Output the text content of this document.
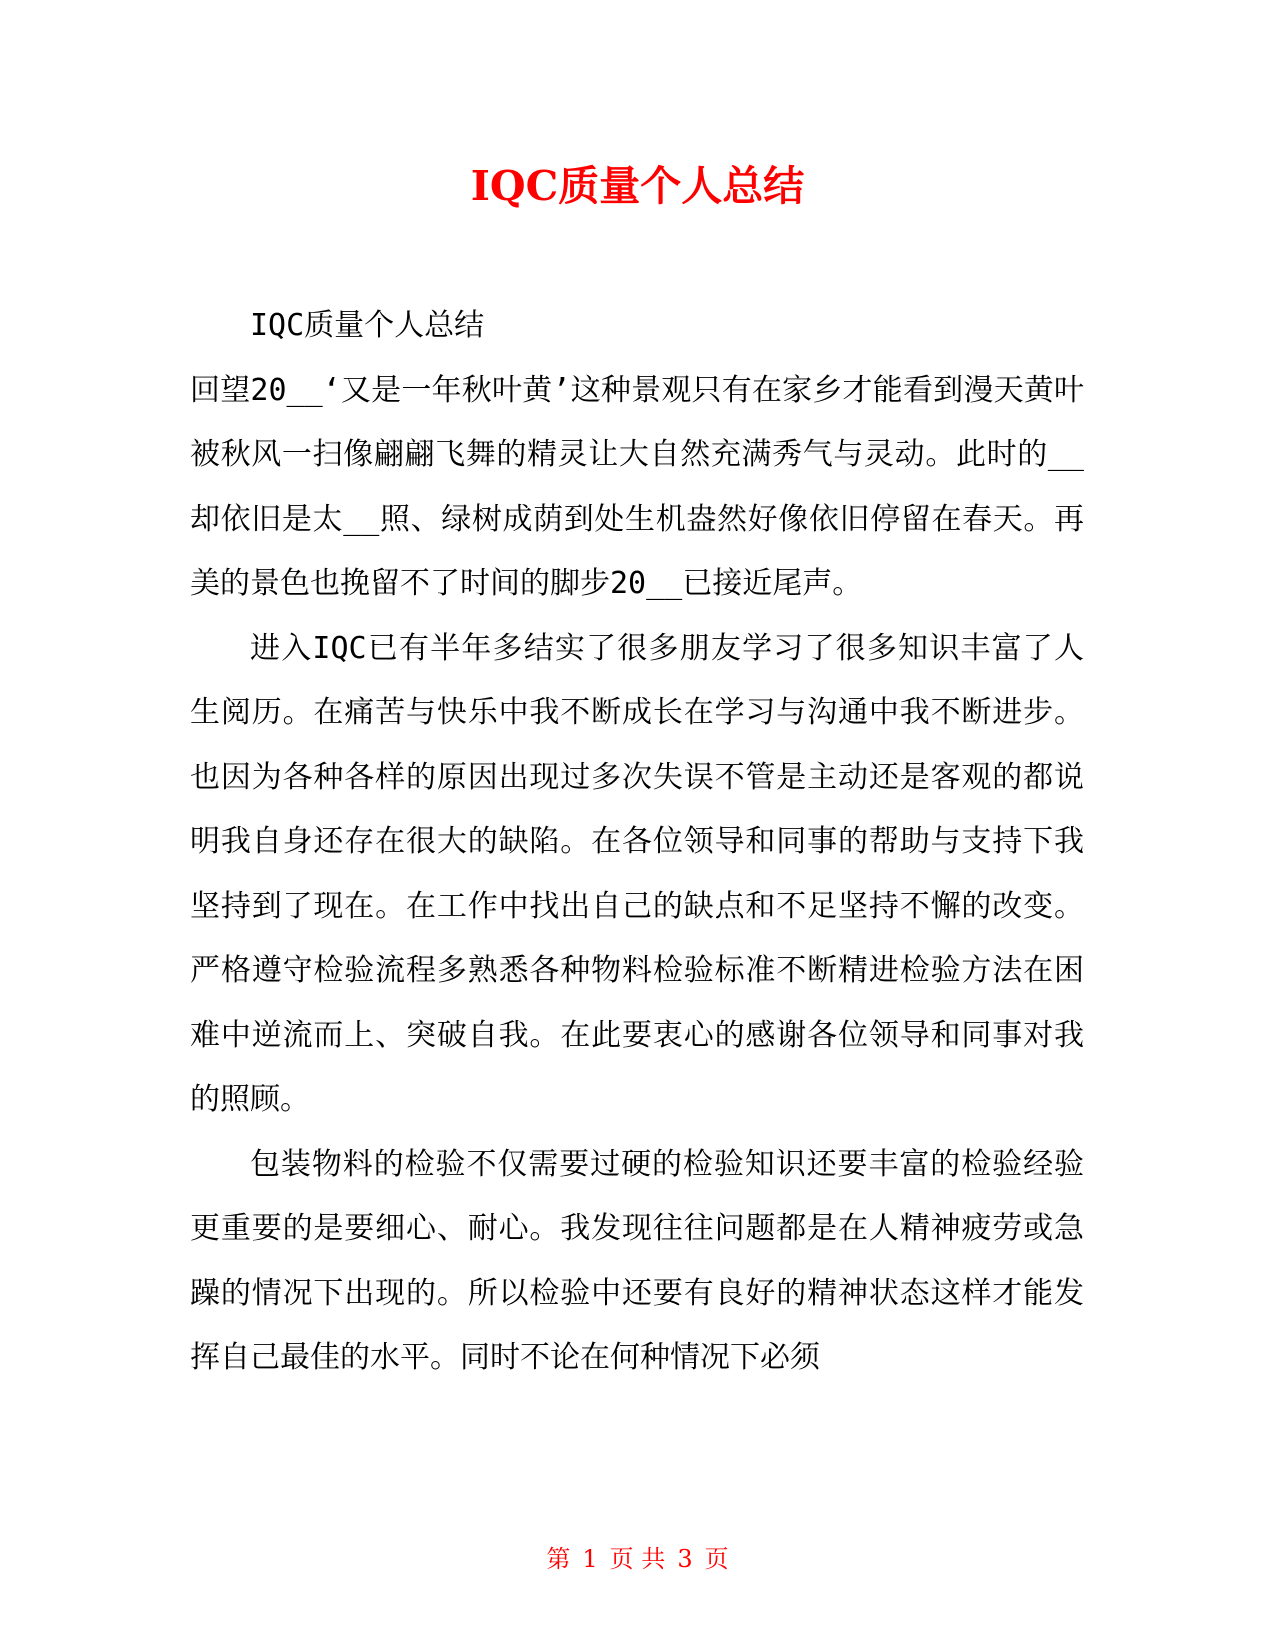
IQC质量个人总结

IQC质量个人总结

回望20__‘又是一年秋叶黄’这种景观只有在家乡才能看到漫天黄叶被秋风一扫像翩翩飞舞的精灵让大自然充满秀气与灵动。此时的__却依旧是太__照、绿树成荫到处生机盎然好像依旧停留在春天。再美的景色也挽留不了时间的脚步20__已接近尾声。

进入IQC已有半年多结实了很多朋友学习了很多知识丰富了人生阅历。在痛苦与快乐中我不断成长在学习与沟通中我不断进步。也因为各种各样的原因出现过多次失误不管是主动还是客观的都说明我自身还存在很大的缺陷。在各位领导和同事的帮助与支持下我坚持到了现在。在工作中找出自己的缺点和不足坚持不懈的改变。严格遵守检验流程多熟悉各种物料检验标准不断精进检验方法在困难中逆流而上、突破自我。在此要衷心的感谢各位领导和同事对我的照顾。

包装物料的检验不仅需要过硬的检验知识还要丰富的检验经验更重要的是要细心、耐心。我发现往往问题都是在人精神疲劳或急躁的情况下出现的。所以检验中还要有良好的精神状态这样才能发挥自己最佳的水平。同时不论在何种情况下必须

第 1 页 共 3 页
